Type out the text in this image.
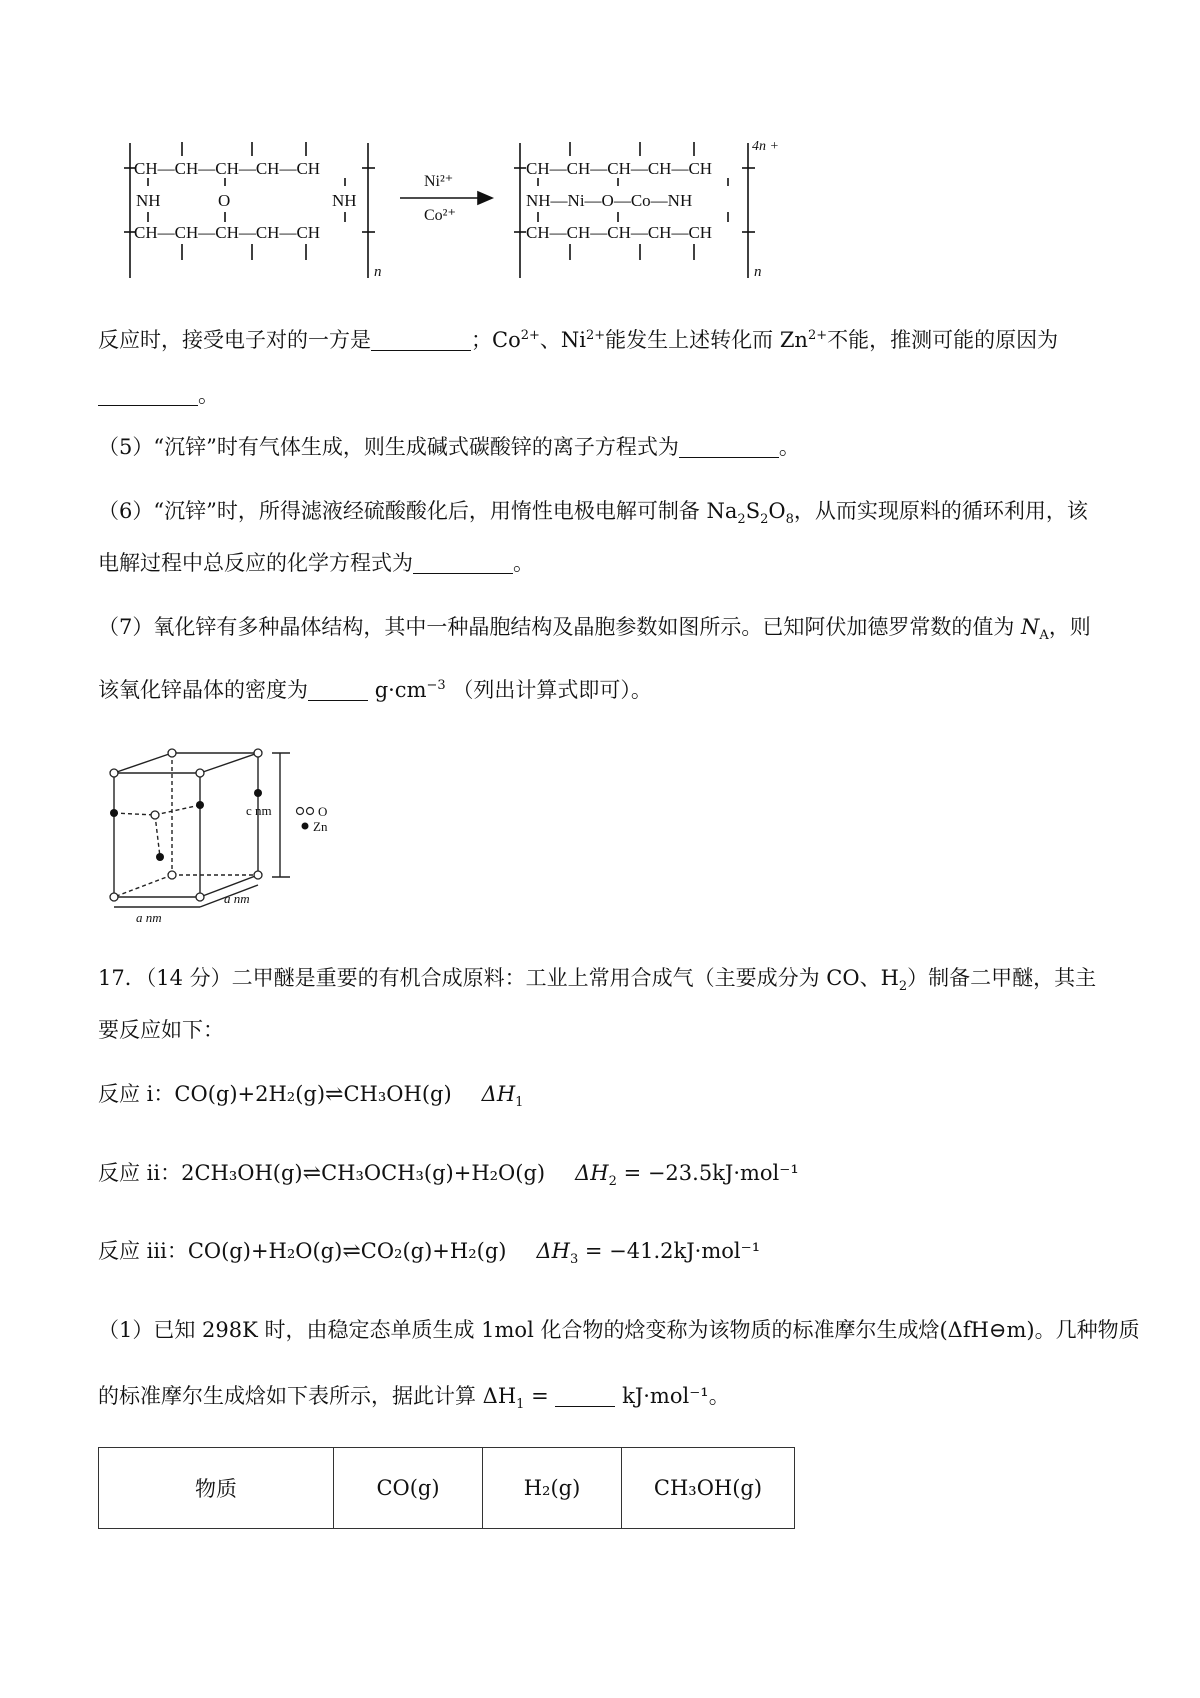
CH—CH—CH—CH—CH
NH	O	NH
CH—CH—CH—CH—CH
n
Ni²⁺
Co²⁺
CH—CH—CH—CH—CH
NH—Ni—O—Co—NH
CH—CH—CH—CH—CH
4n +
n
反应时，接受电子对的一方是	；$Co^{2+}$、$Ni^{2+}$能发生上述转化而 $Zn^{2+}$不能，推测可能的原因为
。
（5）“沉锌”时有气体生成，则生成碱式碳酸锌的离子方程式为	。
（6）“沉锌”时，所得滤液经硫酸酸化后，用惰性电极电解可制备 $Na_2S_2O_8$，从而实现原料的循环利用，该
电解过程中总反应的化学方程式为	。
（7）氧化锌有多种晶体结构，其中一种晶胞结构及晶胞参数如图所示。已知阿伏加德罗常数的值为 $N_A$，则
该氧化锌晶体的密度为	$g\cdot cm^{-3}$ （列出计算式即可）。
c nm	O
Zn
a nm
a nm
17．（14 分）二甲醚是重要的有机合成原料：工业上常用合成气（主要成分为 CO、$H_2$）制备二甲醚，其主
要反应如下：
反应 i：CO(g)+2H₂(g)⇌CH₃OH(g) $\Delta H_1$
反应 ii：2CH₃OH(g)⇌CH₃OCH₃(g)+H₂O(g) $\Delta H_2 = -23.5kJ\cdot mol^{-1}$
反应 iii：CO(g)+H₂O(g)⇌CO₂(g)+H₂(g) $\Delta H_3 = -41.2kJ\cdot mol^{-1}$
（1）已知 298K 时，由稳定态单质生成 1mol 化合物的焓变称为该物质的标准摩尔生成焓(ΔfH⊖m)。几种物质
的标准摩尔生成焓如下表所示，据此计算 $\Delta H_1$ =	kJ·mol⁻¹。
物质	CO(g)	H₂(g)	CH₃OH(g)
